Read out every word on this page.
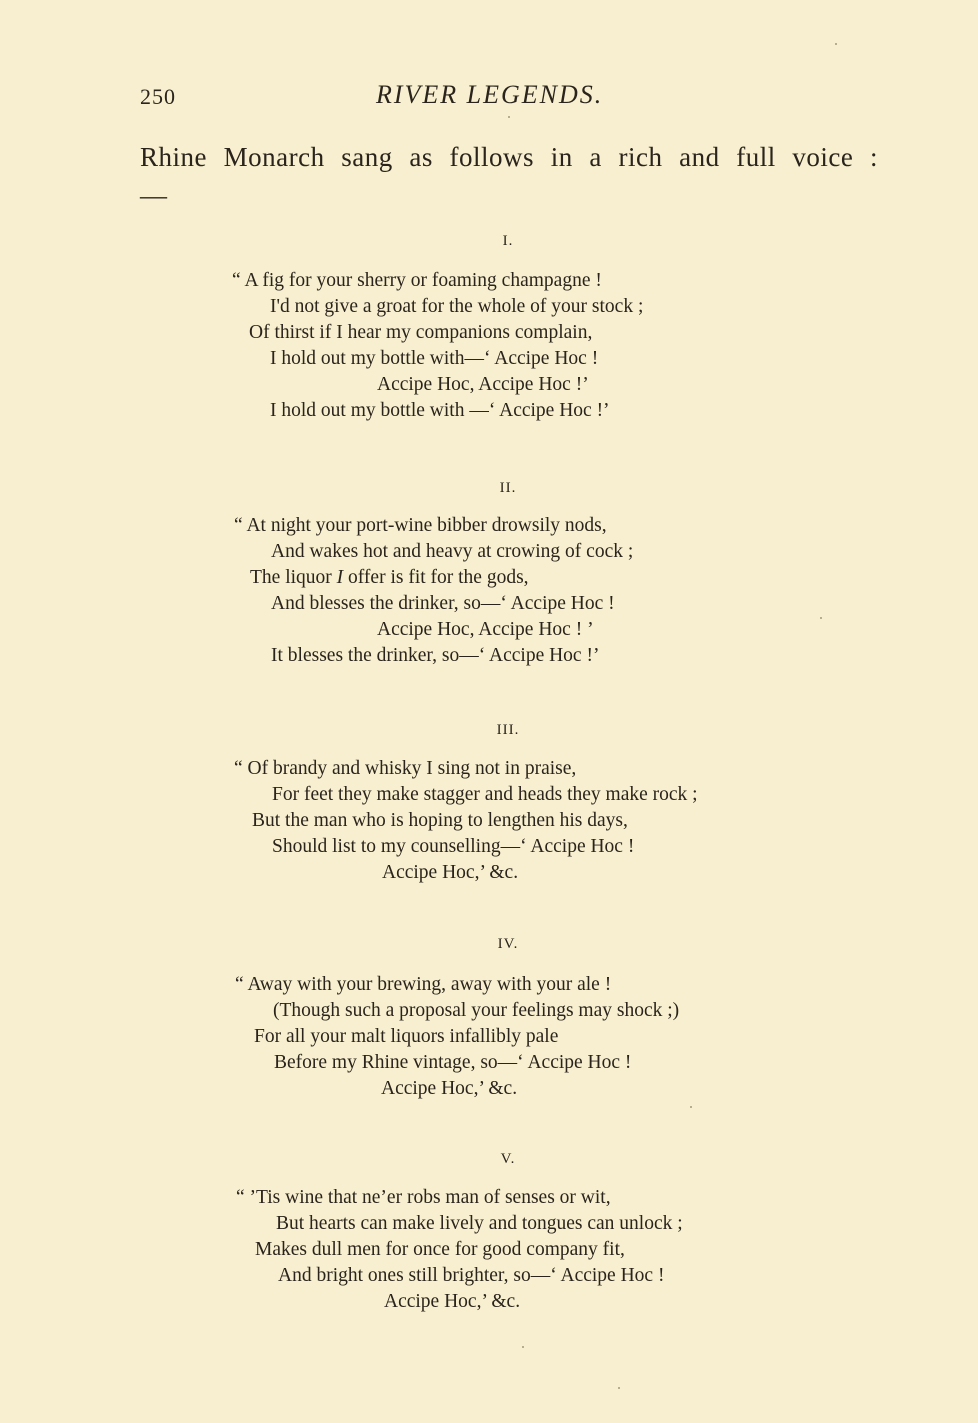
250	RIVER LEGENDS.
Rhine Monarch sang as follows in a rich and full voice :—
I.
“ A fig for your sherry or foaming champagne !
I'd not give a groat for the whole of your stock ;
Of thirst if I hear my companions complain,
I hold out my bottle with—‘ Accipe Hoc !
Accipe Hoc, Accipe Hoc !’
I hold out my bottle with —‘ Accipe Hoc !’
II.
“ At night your port-wine bibber drowsily nods,
And wakes hot and heavy at crowing of cock ;
The liquor I offer is fit for the gods,
And blesses the drinker, so—‘ Accipe Hoc !
Accipe Hoc, Accipe Hoc ! ’
It blesses the drinker, so—‘ Accipe Hoc !’
III.
“ Of brandy and whisky I sing not in praise,
For feet they make stagger and heads they make rock ;
But the man who is hoping to lengthen his days,
Should list to my counselling—‘ Accipe Hoc !
Accipe Hoc,’ &c.
IV.
“ Away with your brewing, away with your ale !
(Though such a proposal your feelings may shock ;)
For all your malt liquors infallibly pale
Before my Rhine vintage, so—‘ Accipe Hoc !
Accipe Hoc,’ &c.
V.
“ ’Tis wine that ne’er robs man of senses or wit,
But hearts can make lively and tongues can unlock ;
Makes dull men for once for good company fit,
And bright ones still brighter, so—‘ Accipe Hoc !
Accipe Hoc,’ &c.
